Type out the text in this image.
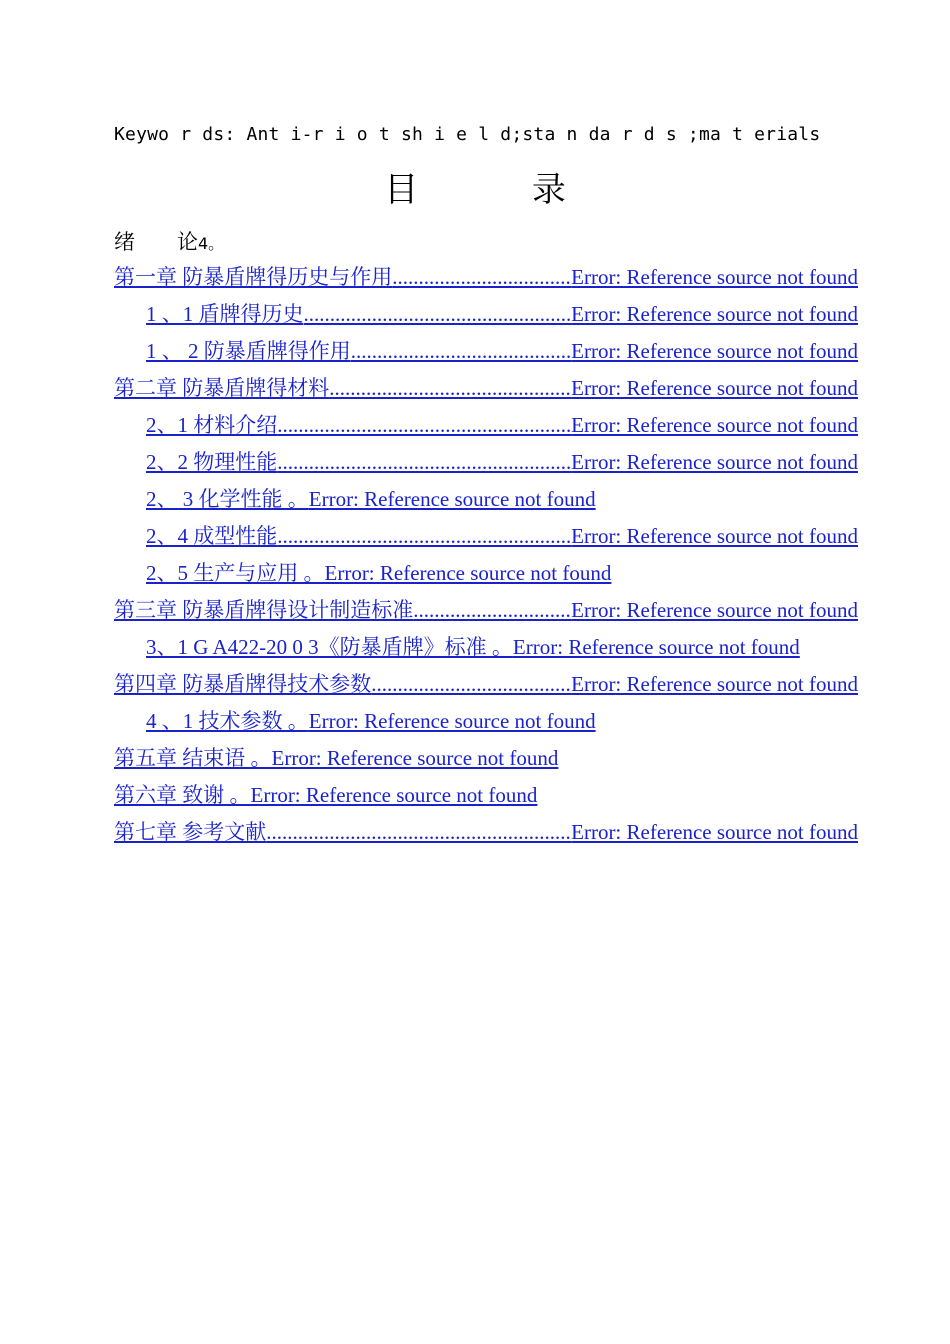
Keywo r ds: Ant i-r i o t sh i e l d;sta n da r d s ;ma t erials
目	录
绪 论4。
第一章 防暴盾牌得历史与作用 .....	Error: Reference source not found
1 、1 盾牌得历史 .....	Error: Reference source not found
1 、 2 防暴盾牌得作用 .....	Error: Reference source not found
第二章 防暴盾牌得材料 .....	Error: Reference source not found
2、1 材料介绍 .....	Error: Reference source not found
2、2 物理性能 .....	Error: Reference source not found
2、 3 化学性能 。 Error: Reference source not found
2、4 成型性能 .....	Error: Reference source not found
2、5 生产与应用 。 Error: Reference source not found
第三章 防暴盾牌得设计制造标准 .....	Error: Reference source not found
3、1 G A422-20 0 3《防暴盾牌》标准 。 Error: Reference source not found
第四章 防暴盾牌得技术参数 .....	Error: Reference source not found
4 、1 技术参数 。 Error: Reference source not found
第五章 结束语 。 Error: Reference source not found
第六章 致谢 。 Error: Reference source not found
第七章 参考文献 .....	Error: Reference source not found
